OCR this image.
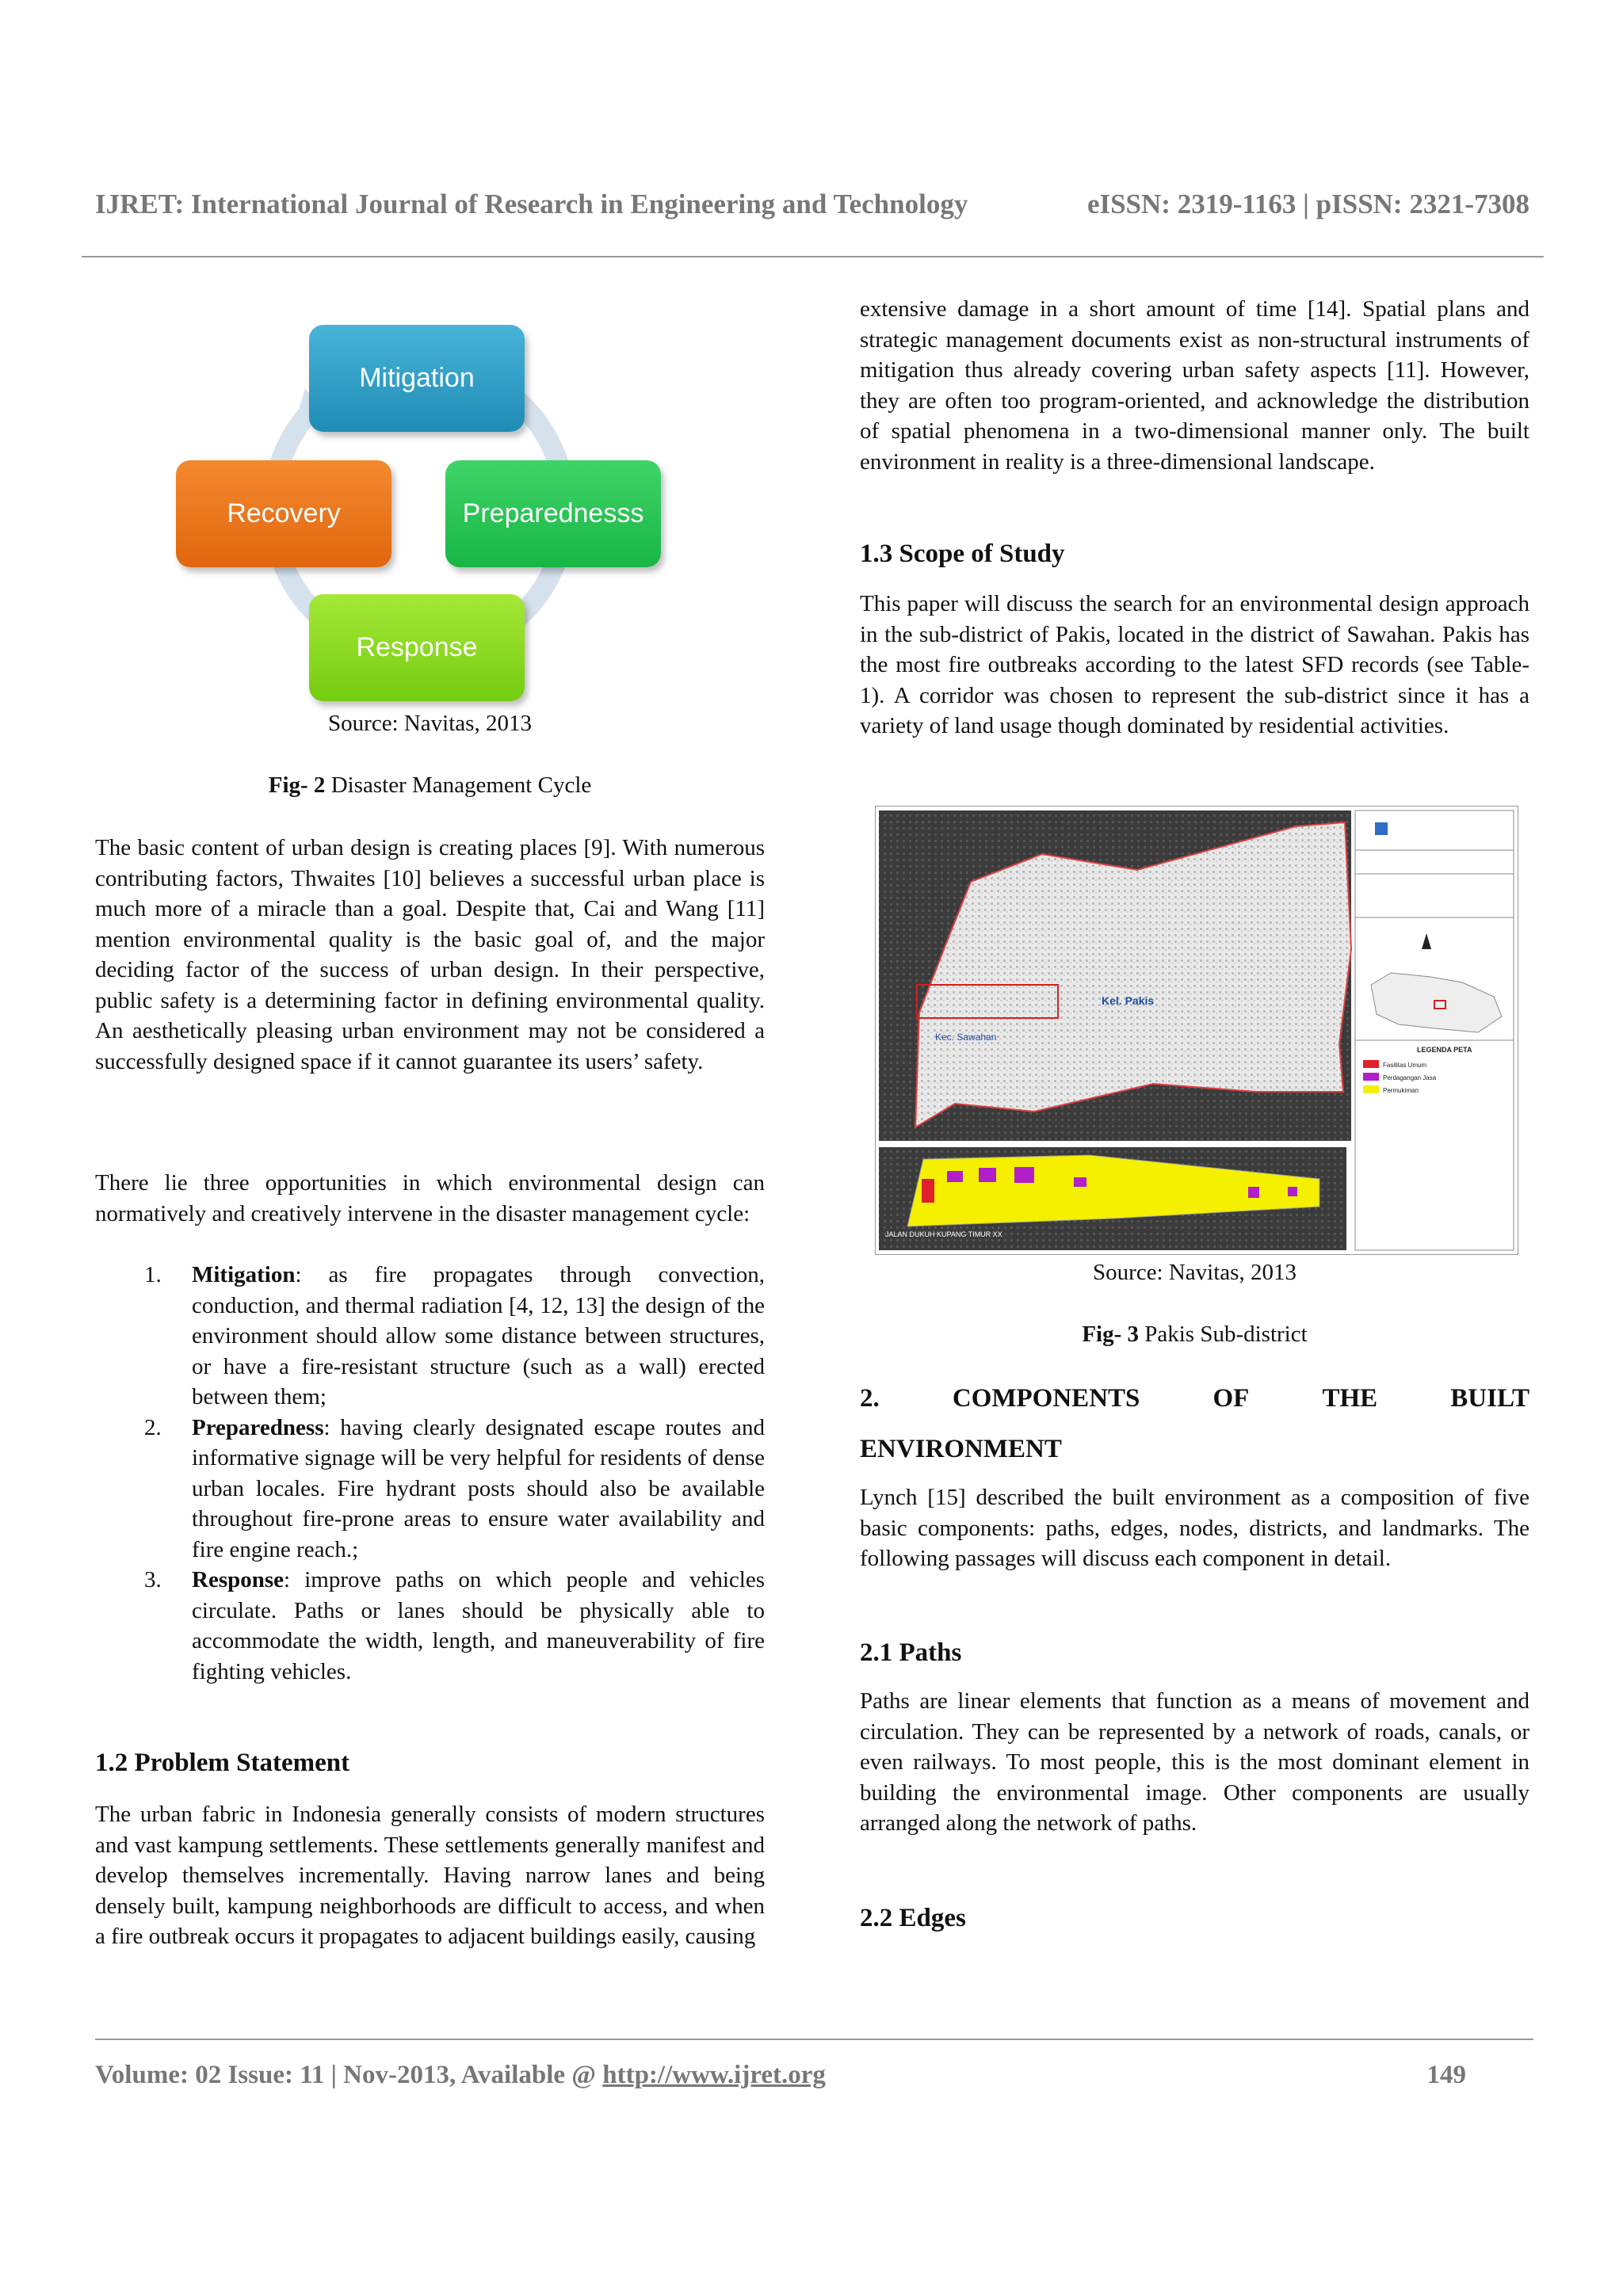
IJRET: International Journal of Research in Engineering and Technology	eISSN: 2319-1163 | pISSN: 2321-7308
Mitigation
Preparednesss
Response
Recovery

Source: Navitas, 2013

Fig- 2 Disaster Management Cycle

The basic content of urban design is creating places [9]. With numerous contributing factors, Thwaites [10] believes a successful urban place is much more of a miracle than a goal. Despite that, Cai and Wang [11] mention environmental quality is the basic goal of, and the major deciding factor of the success of urban design. In their perspective, public safety is a determining factor in defining environmental quality. An aesthetically pleasing urban environment may not be considered a successfully designed space if it cannot guarantee its users’ safety.

There lie three opportunities in which environmental design can normatively and creatively intervene in the disaster management cycle:

1. Mitigation: as fire propagates through convection, conduction, and thermal radiation [4, 12, 13] the design of the environment should allow some distance between structures, or have a fire-resistant structure (such as a wall) erected between them;
2. Preparedness: having clearly designated escape routes and informative signage will be very helpful for residents of dense urban locales. Fire hydrant posts should also be available throughout fire-prone areas to ensure water availability and fire engine reach.;
3. Response: improve paths on which people and vehicles circulate. Paths or lanes should be physically able to accommodate the width, length, and maneuverability of fire fighting vehicles.
1.2 Problem Statement

The urban fabric in Indonesia generally consists of modern structures and vast kampung settlements. These settlements generally manifest and develop themselves incrementally. Having narrow lanes and being densely built, kampung neighborhoods are difficult to access, and when a fire outbreak occurs it propagates to adjacent buildings easily, causing

extensive damage in a short amount of time [14]. Spatial plans and strategic management documents exist as non-structural instruments of mitigation thus already covering urban safety aspects [11]. However, they are often too program-oriented, and acknowledge the distribution of spatial phenomena in a two-dimensional manner only. The built environment in reality is a three-dimensional landscape.

1.3 Scope of Study

This paper will discuss the search for an environmental design approach in the sub-district of Pakis, located in the district of Sawahan. Pakis has the most fire outbreaks according to the latest SFD records (see Table- 1). A corridor was chosen to represent the sub-district since it has a variety of land usage though dominated by residential activities.

Kel. Pakis
Kec. Sawahan
JALAN DUKUH KUPANG TIMUR XX
LEGENDA PETA
Fasilitas Umum
Perdagangan Jasa
Permukiman

Source: Navitas, 2013

Fig- 3 Pakis Sub-district

2.	COMPONENTS	OF	THE	BUILT
ENVIRONMENT

Lynch [15] described the built environment as a composition of five basic components: paths, edges, nodes, districts, and landmarks. The following passages will discuss each component in detail.

2.1 Paths

Paths are linear elements that function as a means of movement and circulation. They can be represented by a network of roads, canals, or even railways. To most people, this is the most dominant element in building the environmental image. Other components are usually arranged along the network of paths.

2.2 Edges
Volume: 02 Issue: 11 | Nov-2013, Available @ http://www.ijret.org	149
